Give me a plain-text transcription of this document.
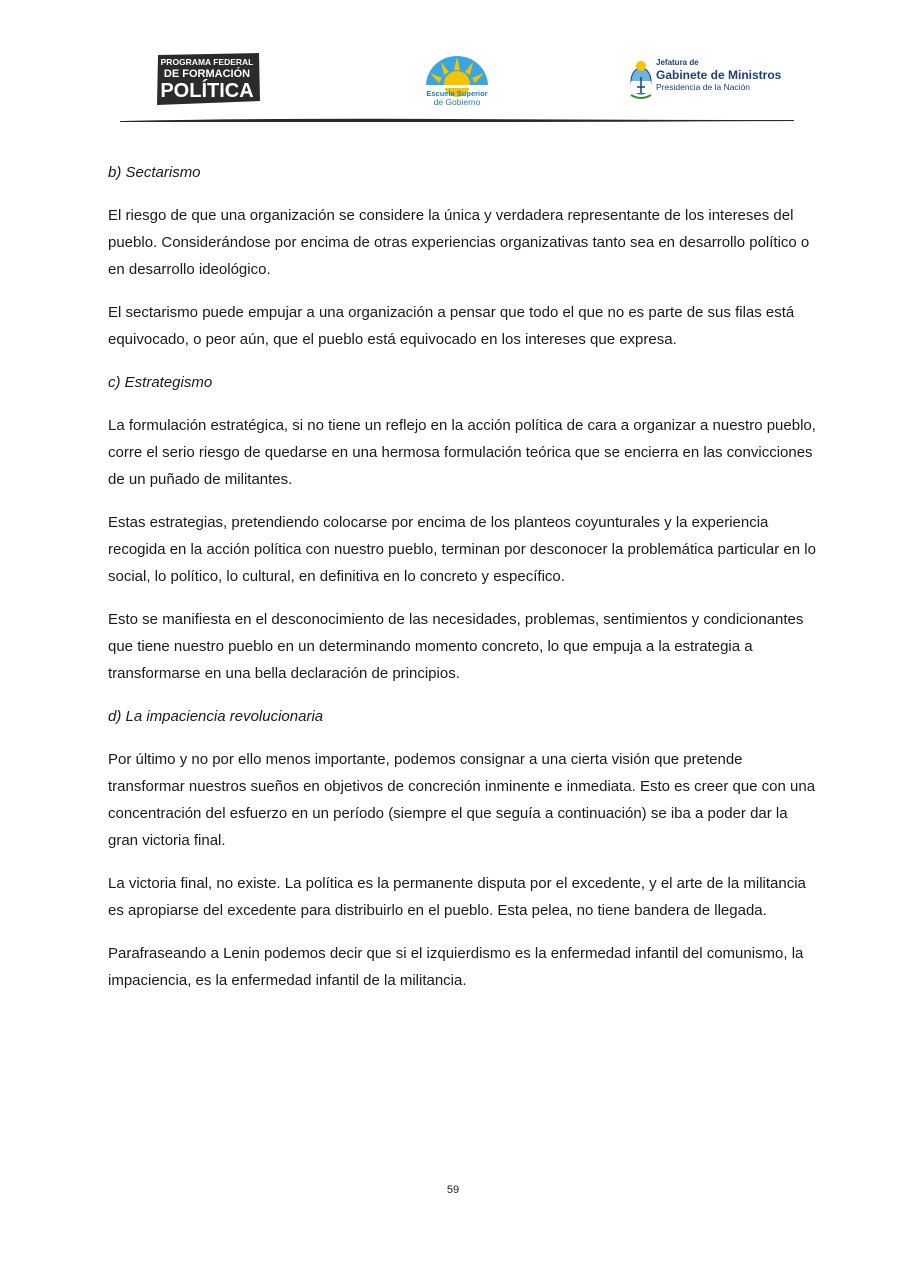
PROGRAMA FEDERAL
DE FORMACIÓN
POLÍTICA	Escuela Superior
de Gobierno
Jefatura de
Gabinete de Ministros
Presidencia de la Nación

b) Sectarismo

El riesgo de que una organización se considere la única y verdadera representante de los intereses del pueblo. Considerándose por encima de otras experiencias organizativas tanto sea en desarrollo político o en desarrollo ideológico.

El sectarismo puede empujar a una organización a pensar que todo el que no es parte de sus filas está equivocado, o peor aún, que el pueblo está equivocado en los intereses que expresa.

c) Estrategismo

La formulación estratégica, si no tiene un reflejo en la acción política de cara a organizar a nuestro pueblo, corre el serio riesgo de quedarse en una hermosa formulación teórica que se encierra en las convicciones de un puñado de militantes.

Estas estrategias, pretendiendo colocarse por encima de los planteos coyunturales y la experiencia recogida en la acción política con nuestro pueblo, terminan por desconocer la problemática particular en lo social, lo político, lo cultural, en definitiva en lo concreto y específico.

Esto se manifiesta en el desconocimiento de las necesidades, problemas, sentimientos y condicionantes que tiene nuestro pueblo en un determinando momento concreto, lo que empuja a la estrategia a transformarse en una bella declaración de principios.

d) La impaciencia revolucionaria

Por último y no por ello menos importante, podemos consignar a una cierta visión que pretende transformar nuestros sueños en objetivos de concreción inminente e inmediata. Esto es creer que con una concentración del esfuerzo en un período (siempre el que seguía a continuación) se iba a poder dar la gran victoria final.

La victoria final, no existe. La política es la permanente disputa por el excedente, y el arte de la militancia es apropiarse del excedente para distribuirlo en el pueblo. Esta pelea, no tiene bandera de llegada.

Parafraseando a Lenin podemos decir que si el izquierdismo es la enfermedad infantil del comunismo, la impaciencia, es la enfermedad infantil de la militancia.

59
